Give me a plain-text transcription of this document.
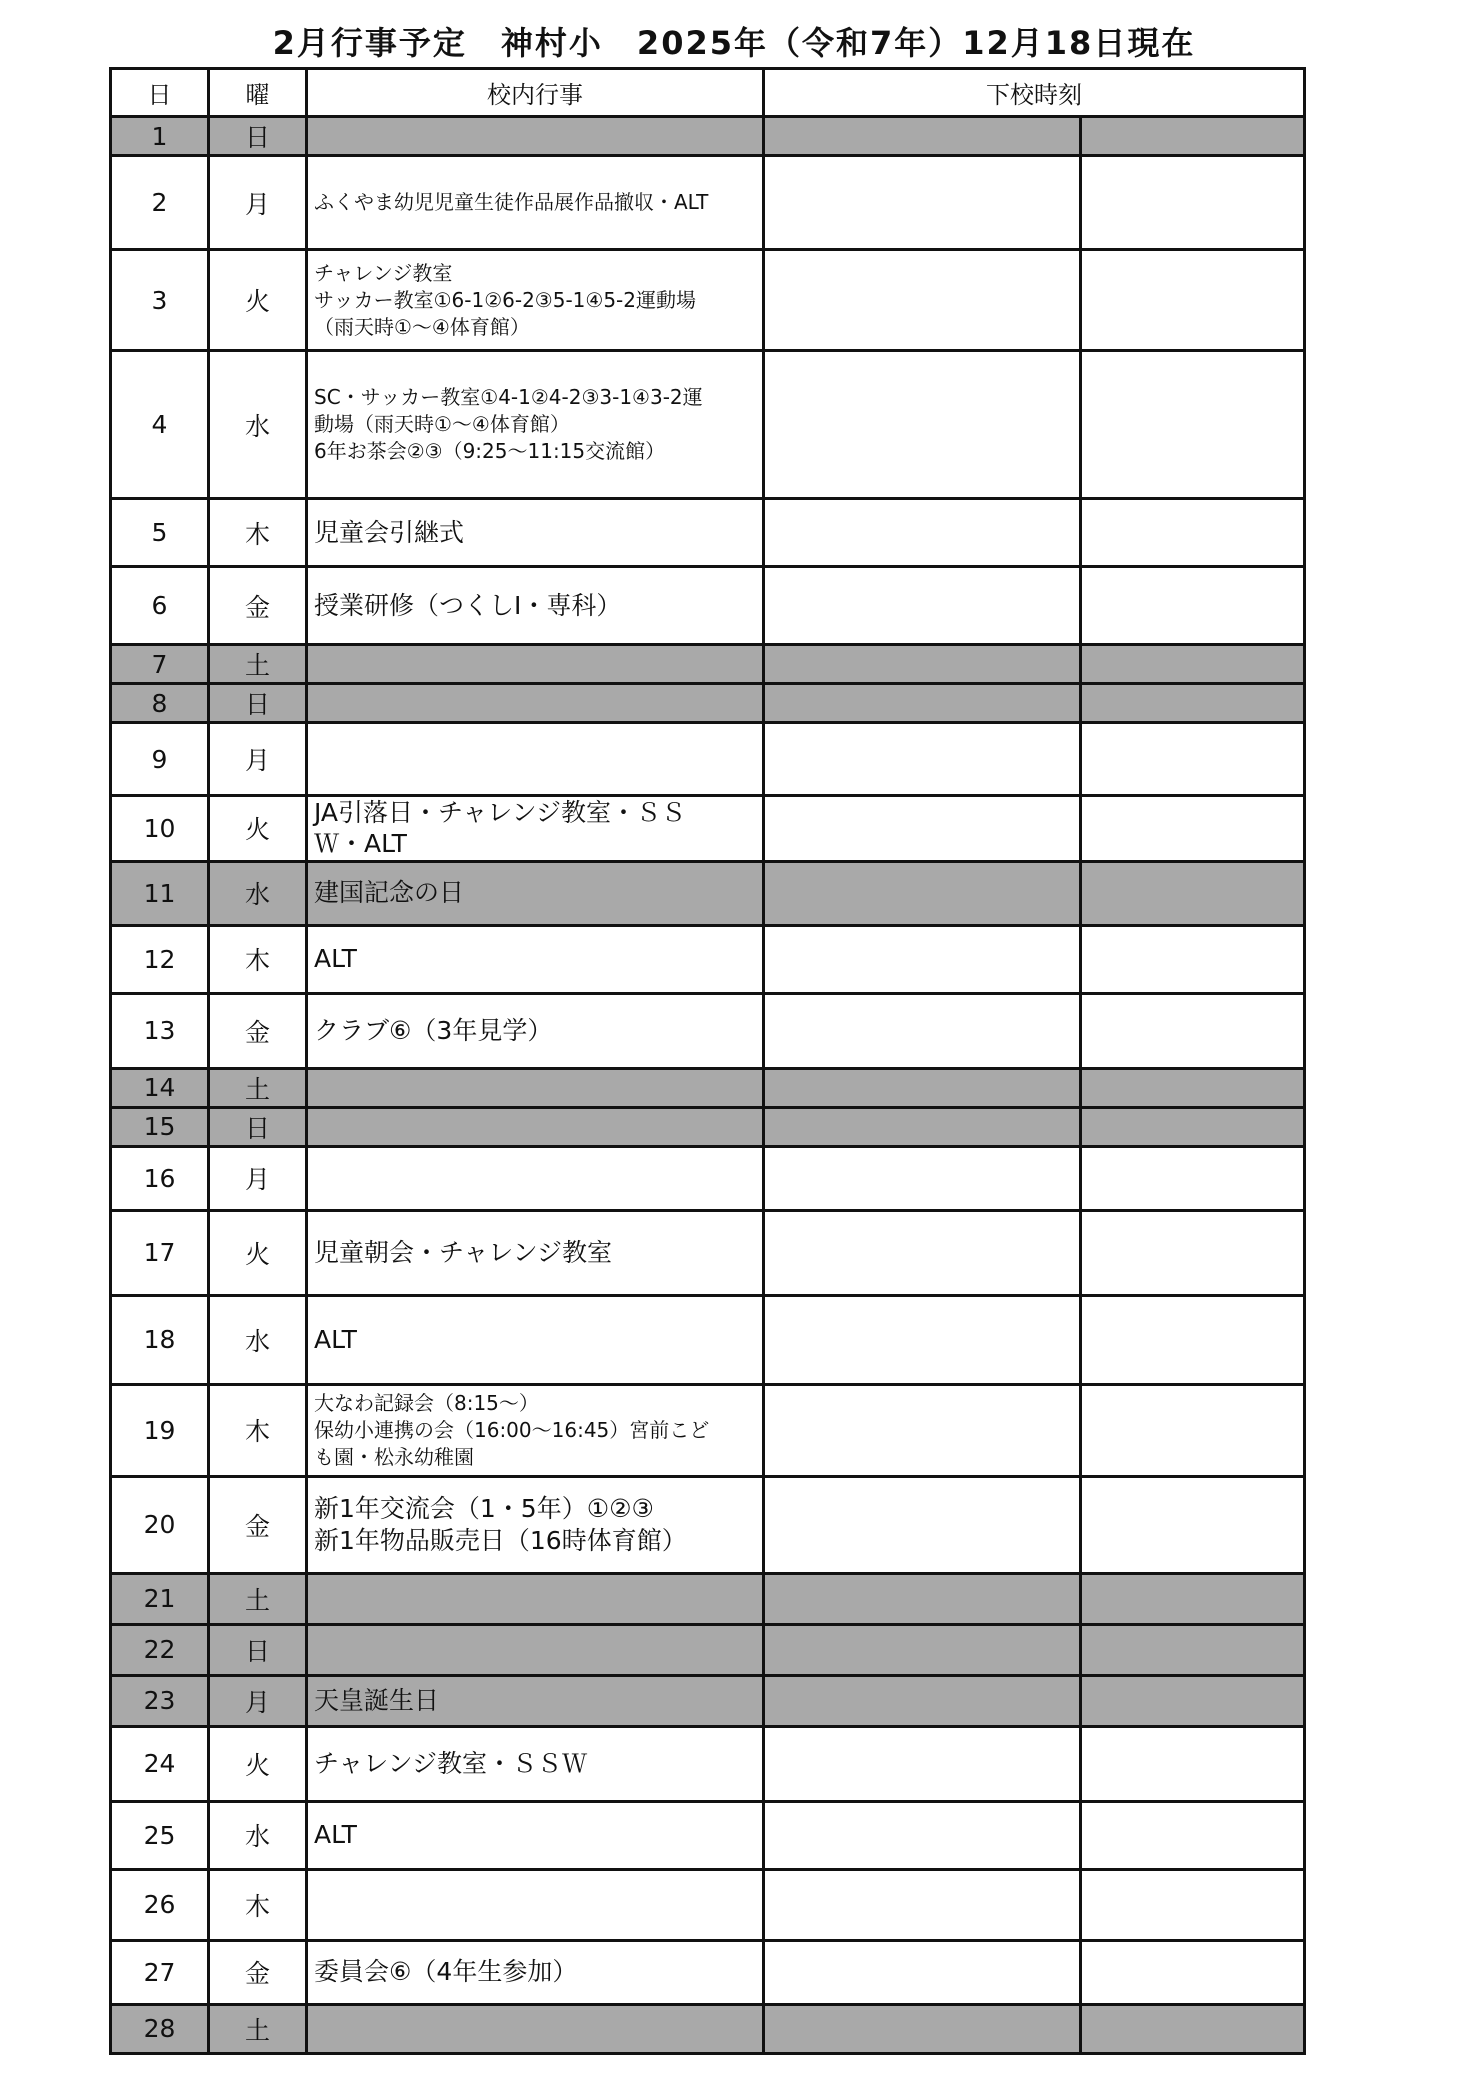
2月行事予定　神村小　2025年（令和7年）12月18日現在
日	曜	校内行事	下校時刻	
1	日			
2	月	ふくやま幼児児童生徒作品展作品撤収・ALT		

3	火	チャレンジ教室
サッカー教室①6-1②6-2③5-1④5-2運動場
（雨天時①～④体育館）		

4	水	SC・サッカー教室①4-1②4-2③3-1④3-2運
動場（雨天時①～④体育館）
6年お茶会②③（9:25～11:15交流館）		

5	木	児童会引継式		

6	金	授業研修（つくしⅠ・専科）		

7	土			
8	日			
9	月			
10	火	JA引落日・チャレンジ教室・ＳＳ
Ｗ・ALT		

11	水	建国記念の日		

12	木	ALT		

13	金	クラブ⑥（3年見学）		

14	土			
15	日			
16	月			
17	火	児童朝会・チャレンジ教室		

18	水	ALT		

19	木	大なわ記録会（8:15～）
保幼小連携の会（16:00～16:45）宮前こど
も園・松永幼稚園		

20	金	新1年交流会（1・5年）①②③
新1年物品販売日（16時体育館）		

21	土			
22	日			
23	月	天皇誕生日		

24	火	チャレンジ教室・ＳＳＷ		

25	水	ALT		

26	木			
27	金	委員会⑥（4年生参加）		

28	土			
